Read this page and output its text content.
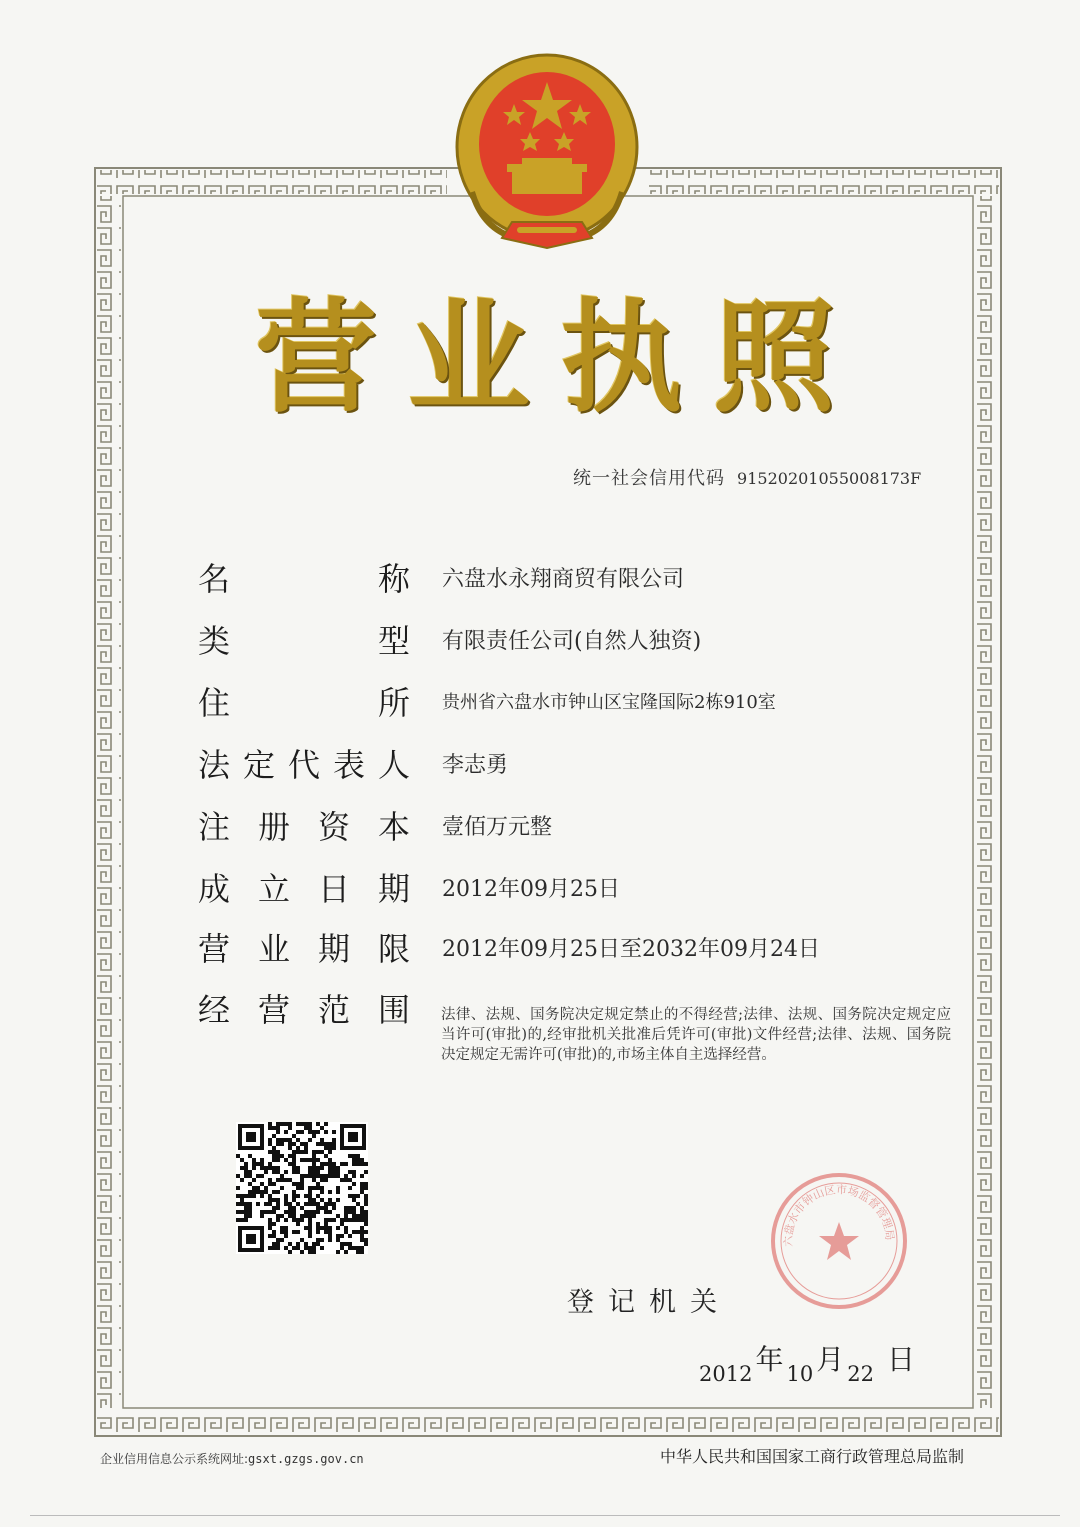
营 业 执 照
统一社会信用代码 91520201055008173F
名	称 六盘水永翔商贸有限公司
类	型 有限责任公司(自然人独资)
住	所 贵州省六盘水市钟山区宝隆国际2栋910室
法 定 代 表 人 李志勇
注 册 资 本 壹佰万元整
成 立 日 期 2012年09月25日
营 业 期 限 2012年09月25日至2032年09月24日
经 营 范 围 法律、法规、国务院决定规定禁止的不得经营;法律、法规、国务院决定规定应当许可(审批)的,经审批机关批准后凭许可(审批)文件经营;法律、法规、国务院决定规定无需许可(审批)的,市场主体自主选择经营。
六盘水市钟山区市场监督管理局
登记机关
2012 年 10 月 22 日
企业信用信息公示系统网址:gsxt.gzgs.gov.cn	中华人民共和国国家工商行政管理总局监制
